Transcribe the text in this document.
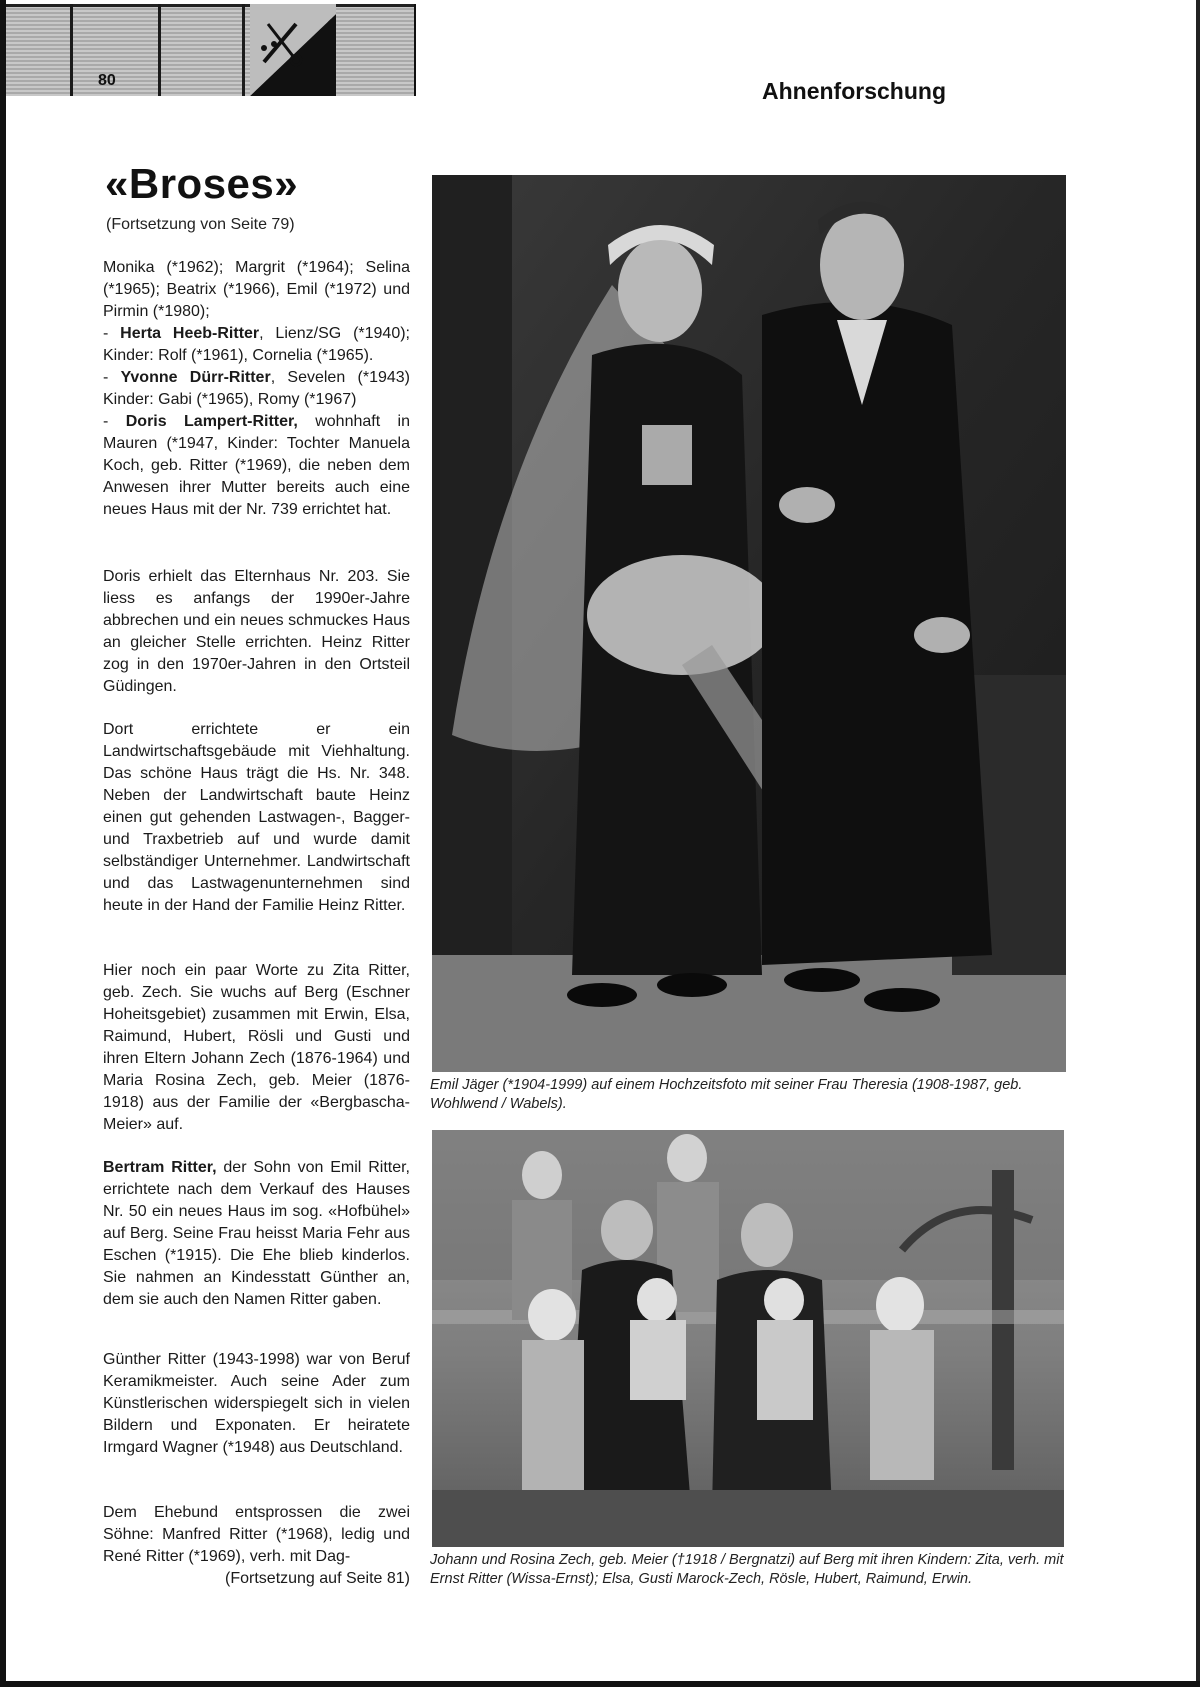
80	Ahnenforschung
«Broses»
(Fortsetzung von Seite 79)

Monika (*1962); Margrit (*1964); Selina (*1965); Beatrix (*1966), Emil (*1972) und Pirmin (*1980);

- Herta Heeb-Ritter, Lienz/SG (*1940); Kinder: Rolf (*1961), Cornelia (*1965).
- Yvonne Dürr-Ritter, Sevelen (*1943) Kinder: Gabi (*1965), Romy (*1967)
- Doris Lampert-Ritter, wohnhaft in Mauren (*1947, Kinder: Tochter Manuela Koch, geb. Ritter (*1969), die neben dem Anwesen ihrer Mutter bereits auch eine neues Haus mit der Nr. 739 errichtet hat.
Doris erhielt das Elternhaus Nr. 203. Sie liess es anfangs der 1990er-Jahre abbrechen und ein neues schmuckes Haus an gleicher Stelle errichten. Heinz Ritter zog in den 1970er-Jahren in den Ortsteil Güdingen.
Dort errichtete er ein Landwirtschaftsgebäude mit Viehhaltung. Das schöne Haus trägt die Hs. Nr. 348. Neben der Landwirtschaft baute Heinz einen gut gehenden Lastwagen-, Bagger- und Traxbetrieb auf und wurde damit selbständiger Unternehmer. Landwirtschaft und das Lastwagenunternehmen sind heute in der Hand der Familie Heinz Ritter.
Hier noch ein paar Worte zu Zita Ritter, geb. Zech. Sie wuchs auf Berg (Eschner Hoheitsgebiet) zusammen mit Erwin, Elsa, Raimund, Hubert, Rösli und Gusti und ihren Eltern Johann Zech (1876-1964) und Maria Rosina Zech, geb. Meier (1876-1918) aus der Familie der «Bergbascha-Meier» auf.
Bertram Ritter, der Sohn von Emil Ritter, errichtete nach dem Verkauf des Hauses Nr. 50 ein neues Haus im sog. «Hofbühel» auf Berg. Seine Frau heisst Maria Fehr aus Eschen (*1915). Die Ehe blieb kinderlos. Sie nahmen an Kindesstatt Günther an, dem sie auch den Namen Ritter gaben.
Günther Ritter (1943-1998) war von Beruf Keramikmeister. Auch seine Ader zum Künstlerischen widerspiegelt sich in vielen Bildern und Exponaten. Er heiratete Irmgard Wagner (*1948) aus Deutschland.

Dem Ehebund entsprossen die zwei Söhne: Manfred Ritter (*1968), ledig und René Ritter (*1969), verh. mit Dag-

(Fortsetzung auf Seite 81)

Emil Jäger (*1904-1999) auf einem Hochzeitsfoto mit seiner Frau Theresia (1908-1987, geb. Wohlwend / Wabels).
Johann und Rosina Zech, geb. Meier (†1918 / Bergnatzi) auf Berg mit ihren Kindern: Zita, verh. mit Ernst Ritter (Wissa-Ernst); Elsa, Gusti Marock-Zech, Rösle, Hubert, Raimund, Erwin.
